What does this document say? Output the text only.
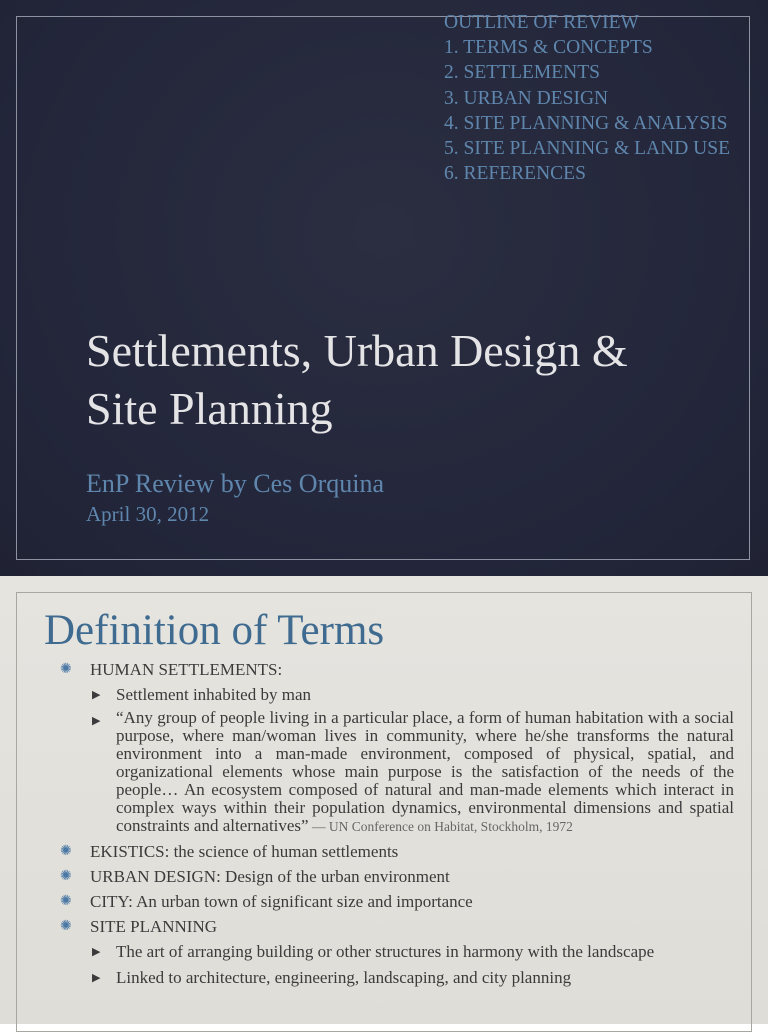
OUTLINE OF REVIEW
1. TERMS & CONCEPTS
2. SETTLEMENTS
3. URBAN DESIGN
4. SITE PLANNING & ANALYSIS
5. SITE PLANNING & LAND USE
6. REFERENCES
Settlements, Urban Design &
Site Planning
EnP Review by Ces Orquina
April 30, 2012
Definition of Terms
✺ HUMAN SETTLEMENTS:
▶ Settlement inhabited by man
▶ “Any group of people living in a particular place, a form of human habitation with a social purpose, where man/woman lives in community, where he/she transforms the natural environment into a man-made environment, composed of physical, spatial, and organizational elements whose main purpose is the satisfaction of the needs of the people… An ecosystem composed of natural and man-made elements which interact in complex ways within their population dynamics, environmental dimensions and spatial constraints and alternatives” — UN Conference on Habitat, Stockholm, 1972
✺ EKISTICS: the science of human settlements
✺ URBAN DESIGN: Design of the urban environment
✺ CITY: An urban town of significant size and importance
✺ SITE PLANNING
▶ The art of arranging building or other structures in harmony with the landscape
▶ Linked to architecture, engineering, landscaping, and city planning
